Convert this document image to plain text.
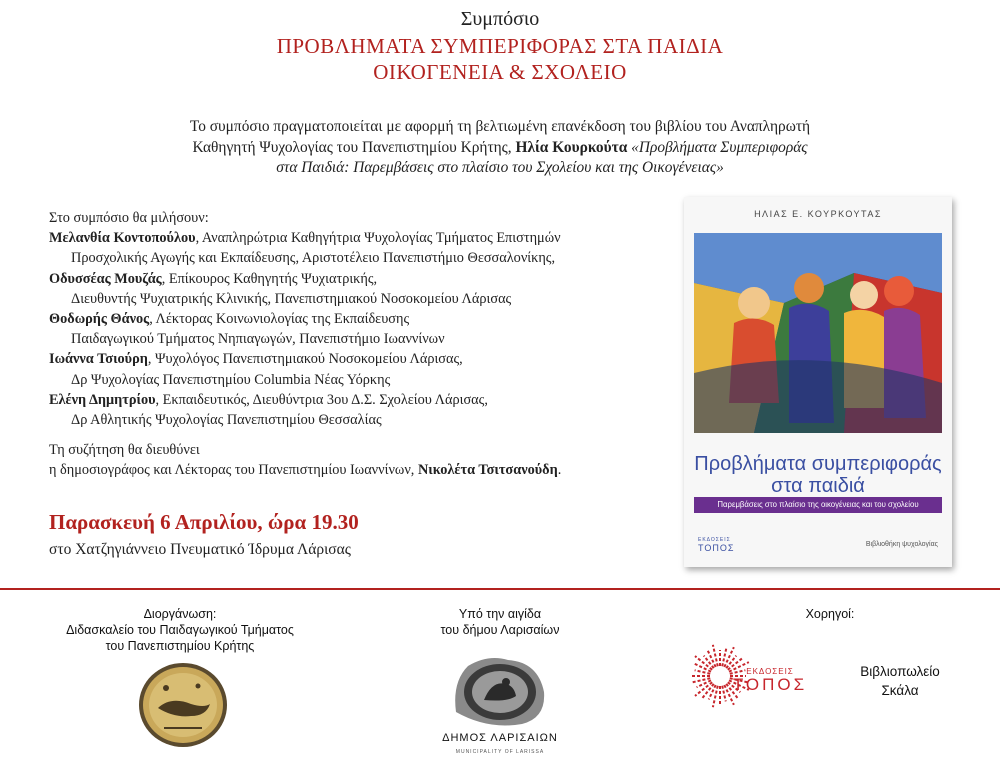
Συμπόσιο
ΠΡΟΒΛΗΜΑΤΑ ΣΥΜΠΕΡΙΦΟΡΑΣ ΣΤΑ ΠΑΙΔΙΑ
ΟΙΚΟΓΕΝΕΙΑ & ΣΧΟΛΕΙΟ
Το συμπόσιο πραγματοποιείται με αφορμή τη βελτιωμένη επανέκδοση του βιβλίου του Αναπληρωτή
Καθηγητή Ψυχολογίας του Πανεπιστημίου Κρήτης, Ηλία Κουρκούτα «Προβλήματα Συμπεριφοράς
στα Παιδιά: Παρεμβάσεις στο πλαίσιο του Σχολείου και της Οικογένειας»
Στο συμπόσιο θα μιλήσουν:
Μελανθία Κοντοπούλου, Αναπληρώτρια Καθηγήτρια Ψυχολογίας Τμήματος Επιστημών
Προσχολικής Αγωγής και Εκπαίδευσης, Αριστοτέλειο Πανεπιστήμιο Θεσσαλονίκης,
Οδυσσέας Μουζάς, Επίκουρος Καθηγητής Ψυχιατρικής,
Διευθυντής Ψυχιατρικής Κλινικής, Πανεπιστημιακού Νοσοκομείου Λάρισας
Θοδωρής Θάνος, Λέκτορας Κοινωνιολογίας της Εκπαίδευσης
Παιδαγωγικού Τμήματος Νηπιαγωγών, Πανεπιστήμιο Ιωαννίνων
Ιωάννα Τσιούρη, Ψυχολόγος Πανεπιστημιακού Νοσοκομείου Λάρισας,
Δρ Ψυχολογίας Πανεπιστημίου Columbia Νέας Υόρκης
Ελένη Δημητρίου, Εκπαιδευτικός, Διευθύντρια 3ου Δ.Σ. Σχολείου Λάρισας,
Δρ Αθλητικής Ψυχολογίας Πανεπιστημίου Θεσσαλίας
Τη συζήτηση θα διευθύνει
η δημοσιογράφος και Λέκτορας του Πανεπιστημίου Ιωαννίνων, Νικολέτα Τσιτσανούδη.
Παρασκευή 6 Απριλίου, ώρα 19.30
στο Χατζηγιάννειο Πνευματικό Ίδρυμα Λάρισας
ΗΛΙΑΣ Ε. ΚΟΥΡΚΟΥΤΑΣ
Προβλήματα συμπεριφοράς
στα παιδιά
Παρεμβάσεις στο πλαίσιο της οικογένειας και του σχολείου
ΕΚΔΟΣΕΙΣ
ΤΟΠΟΣ	Βιβλιοθήκη ψυχολογίας
Διοργάνωση:
Διδασκαλείο του Παιδαγωγικού Τμήματος
του Πανεπιστημίου Κρήτης
Υπό την αιγίδα
του δήμου Λαρισαίων
ΔΗΜΟΣ ΛΑΡΙΣΑΙΩΝ
MUNICIPALITY OF LARISSA
Χορηγοί:
ΕΚΔΟΣΕΙΣ
ΤΟΠΟΣ
Βιβλιοπωλείο
Σκάλα
